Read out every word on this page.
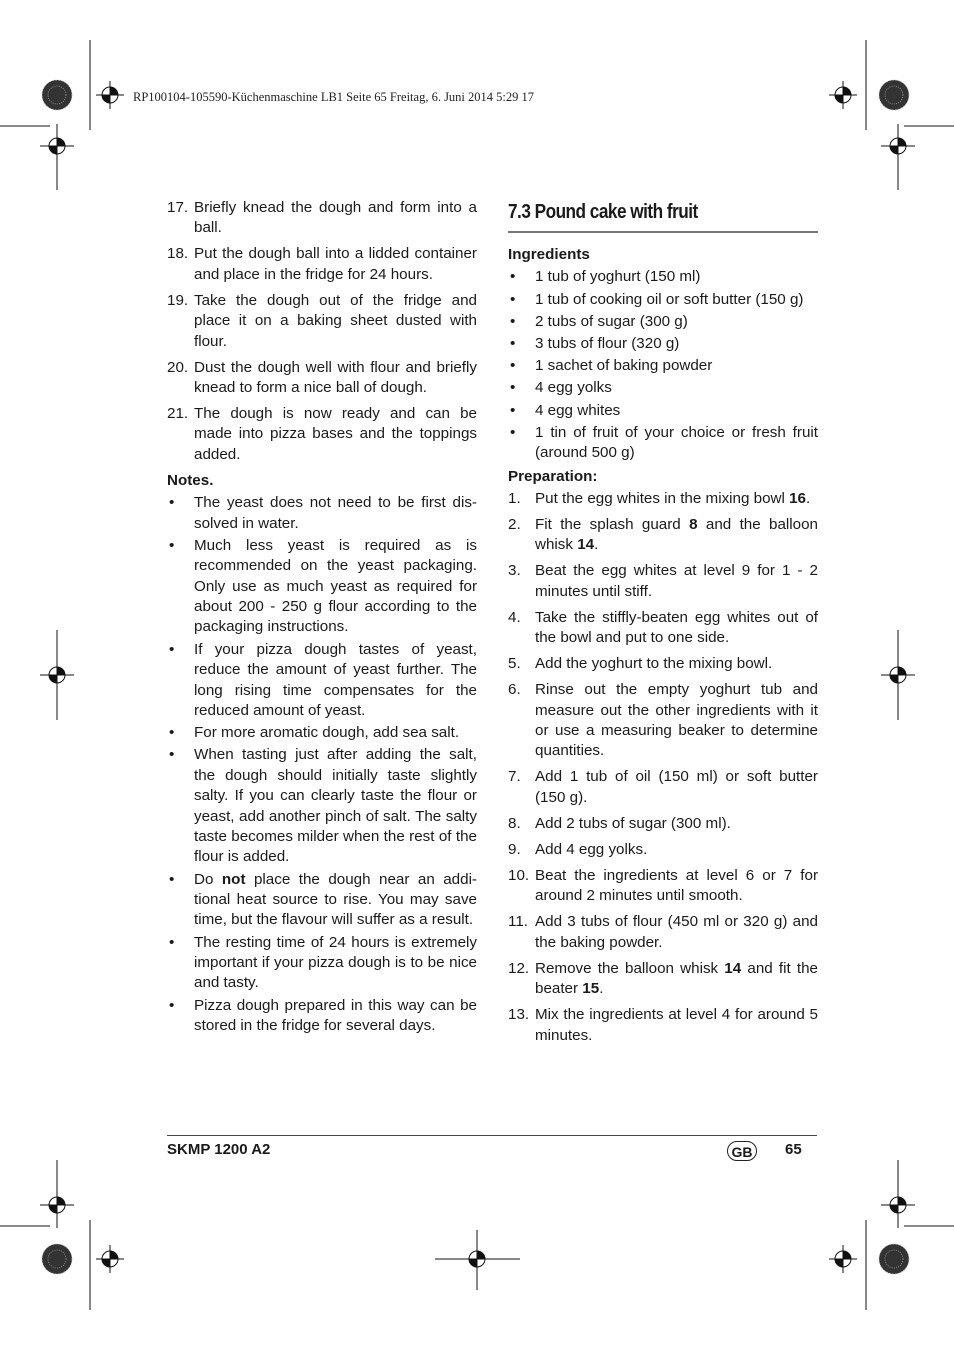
RP100104-105590-Küchenmaschine LB1 Seite 65 Freitag, 6. Juni 2014 5:29 17
17. Briefly knead the dough and form into a ball.
18. Put the dough ball into a lidded container and place in the fridge for 24 hours.
19. Take the dough out of the fridge and place it on a baking sheet dusted with flour.
20. Dust the dough well with flour and briefly knead to form a nice ball of dough.
21. The dough is now ready and can be made into pizza bases and the toppings added.
Notes.
•	The yeast does not need to be first dis-solved in water.
•	Much less yeast is required as is recommended on the yeast packaging. Only use as much yeast as required for about 200 - 250 g flour according to the packaging instructions.
•	If your pizza dough tastes of yeast, reduce the amount of yeast further. The long rising time compensates for the reduced amount of yeast.
•	For more aromatic dough, add sea salt.
•	When tasting just after adding the salt, the dough should initially taste slightly salty. If you can clearly taste the flour or yeast, add another pinch of salt. The salty taste becomes milder when the rest of the flour is added.
•	Do not place the dough near an addi-tional heat source to rise. You may save time, but the flavour will suffer as a result.
•	The resting time of 24 hours is extremely important if your pizza dough is to be nice and tasty.
•	Pizza dough prepared in this way can be stored in the fridge for several days.
7.3 Pound cake with fruit
Ingredients
•	1 tub of yoghurt (150 ml)
•	1 tub of cooking oil or soft butter (150 g)
•	2 tubs of sugar (300 g)
•	3 tubs of flour (320 g)
•	1 sachet of baking powder
•	4 egg yolks
•	4 egg whites
•	1 tin of fruit of your choice or fresh fruit (around 500 g)
Preparation:
1. Put the egg whites in the mixing bowl 16.
2. Fit the splash guard 8 and the balloon whisk 14.
3. Beat the egg whites at level 9 for 1 - 2 minutes until stiff.
4. Take the stiffly-beaten egg whites out of the bowl and put to one side.
5. Add the yoghurt to the mixing bowl.
6. Rinse out the empty yoghurt tub and measure out the other ingredients with it or use a measuring beaker to determine quantities.
7. Add 1 tub of oil (150 ml) or soft butter (150 g).
8. Add 2 tubs of sugar (300 ml).
9. Add 4 egg yolks.
10. Beat the ingredients at level 6 or 7 for around 2 minutes until smooth.
11. Add 3 tubs of flour (450 ml or 320 g) and the baking powder.
12. Remove the balloon whisk 14 and fit the beater 15.
13. Mix the ingredients at level 4 for around 5 minutes.
SKMP 1200 A2	GB	65
